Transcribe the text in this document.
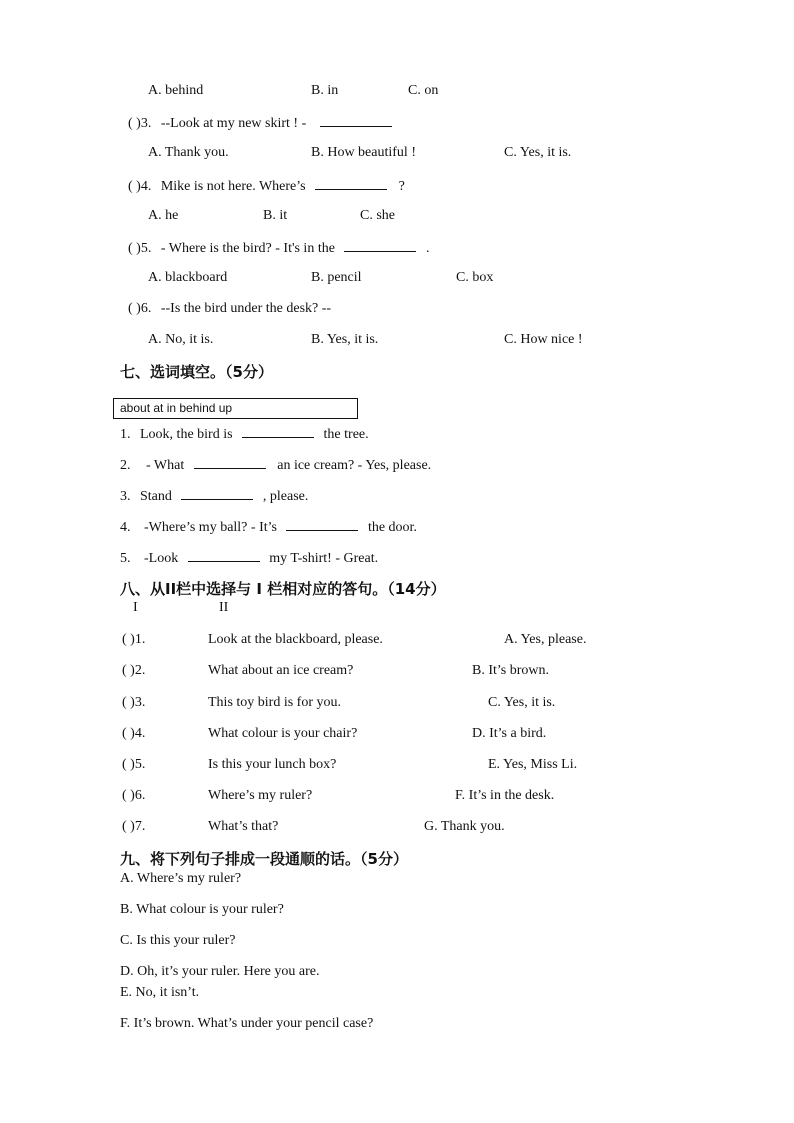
A. behind	B. in	C. on
( )3. --Look at my new skirt ! -
A. Thank you.	B. How beautiful !	C. Yes, it is.
( )4. Mike is not here. Where’s	?
A. he	B. it	C. she
( )5. - Where is the bird? - It's in the	.
A. blackboard	B. pencil	C. box
( )6. --Is the bird under the desk? --
A. No, it is.	B. Yes, it is.	C. How nice !
七、选词填空。（5分）
about at in behind up
1. Look, the bird is	the tree.
2. - What	an ice cream? - Yes, please.
3. Stand	, please.
4. -Where’s my ball? - It’s	the door.
5. -Look	my T-shirt! - Great.
八、从II栏中选择与 I 栏相对应的答句。（14分）
I	II
( )1.	Look at the blackboard, please.	A. Yes, please.
( )2.	What about an ice cream?	B. It’s brown.
( )3.	This toy bird is for you.	C. Yes, it is.
( )4.	What colour is your chair?	D. It’s a bird.
( )5.	Is this your lunch box?	E. Yes, Miss Li.
( )6.	Where’s my ruler?	F. It’s in the desk.
( )7.	What’s that?	G. Thank you.
九、将下列句子排成一段通顺的话。（5分）
A. Where’s my ruler?
B. What colour is your ruler?
C. Is this your ruler?
D. Oh, it’s your ruler. Here you are.
E. No, it isn’t.
F. It’s brown. What’s under your pencil case?
